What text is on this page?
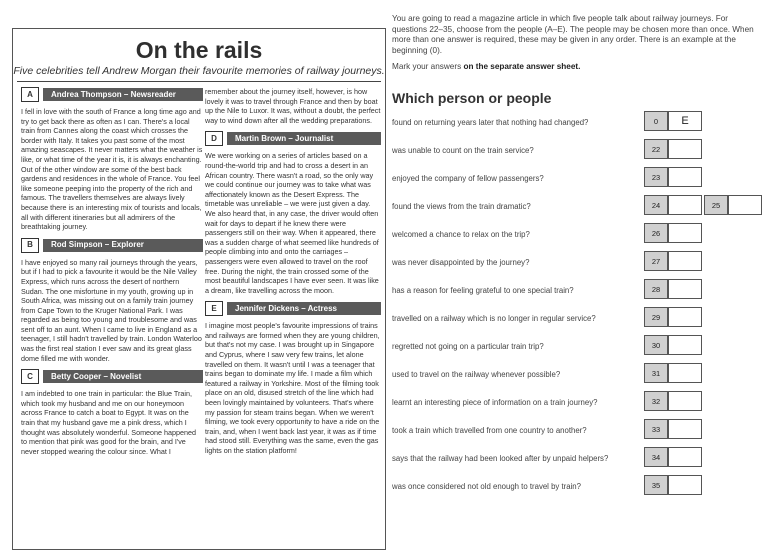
On the rails
Five celebrities tell Andrew Morgan their favourite memories of railway journeys.
A	Andrea Thompson – Newsreader

I fell in love with the south of France a long time ago and try to get back there as often as I can. There's a local train from Cannes along the coast which crosses the border with Italy. It takes you past some of the most amazing seascapes. It never matters what the weather is like, or what time of the year it is, it is always enchanting. Out of the other window are some of the best back gardens and residences in the whole of France. You feel like someone peeping into the property of the rich and famous. The travellers themselves are always lively because there is an interesting mix of tourists and locals, all with different itineraries but all admirers of the breathtaking journey.

B	Rod Simpson – Explorer

I have enjoyed so many rail journeys through the years, but if I had to pick a favourite it would be the Nile Valley Express, which runs across the desert of northern Sudan. The one misfortune in my youth, growing up in South Africa, was missing out on a family train journey from Cape Town to the Kruger National Park. I was regarded as being too young and troublesome and was sent off to an aunt. When I came to live in England as a teenager, I still hadn't travelled by train. London Waterloo was the first real station I ever saw and its great glass dome filled me with wonder.

C	Betty Cooper – Novelist

I am indebted to one train in particular: the Blue Train, which took my husband and me on our honeymoon across France to catch a boat to Egypt. It was on the train that my husband gave me a pink dress, which I thought was absolutely wonderful. Someone happened to mention that pink was good for the brain, and I've never stopped wearing the colour since. What I

remember about the journey itself, however, is how lovely it was to travel through France and then by boat up the Nile to Luxor. It was, without a doubt, the perfect way to wind down after all the wedding preparations.

D	Martin Brown – Journalist

We were working on a series of articles based on a round-the-world trip and had to cross a desert in an African country. There wasn't a road, so the only way we could continue our journey was to take what was affectionately known as the Desert Express. The timetable was unreliable – we were just given a day. We also heard that, in any case, the driver would often wait for days to depart if he knew there were passengers still on their way. When it appeared, there was a sudden charge of what seemed like hundreds of people climbing into and onto the carriages – passengers were even allowed to travel on the roof free. During the night, the train crossed some of the most beautiful landscapes I have ever seen. It was like a dream, like travelling across the moon.

E	Jennifer Dickens – Actress

I imagine most people's favourite impressions of trains and railways are formed when they are young children, but that's not my case. I was brought up in Singapore and Cyprus, where I saw very few trains, let alone travelled on them. It wasn't until I was a teenager that trains began to dominate my life. I made a film which featured a railway in Yorkshire. Most of the filming took place on an old, disused stretch of the line which had been lovingly maintained by volunteers. That's where my passion for steam trains began. When we weren't filming, we took every opportunity to have a ride on the train, and, when I went back last year, it was as if time had stood still. Everything was the same, even the gas lights on the station platform!

You are going to read a magazine article in which five people talk about railway journeys. For questions 22–35, choose from the people (A–E). The people may be chosen more than once. When more than one answer is required, these may be given in any order. There is an example at the beginning (0).

Mark your answers on the separate answer sheet.
Which person or people
found on returning years later that nothing had changed?	0	E
was unable to count on the train service?	22
enjoyed the company of fellow passengers?	23
found the views from the train dramatic?	24	25
welcomed a chance to relax on the trip?	26
was never disappointed by the journey?	27
has a reason for feeling grateful to one special train?	28
travelled on a railway which is no longer in regular service?	29
regretted not going on a particular train trip?	30
used to travel on the railway whenever possible?	31
learnt an interesting piece of information on a train journey?	32
took a train which travelled from one country to another?	33
says that the railway had been looked after by unpaid helpers?	34
was once considered not old enough to travel by train?	35
